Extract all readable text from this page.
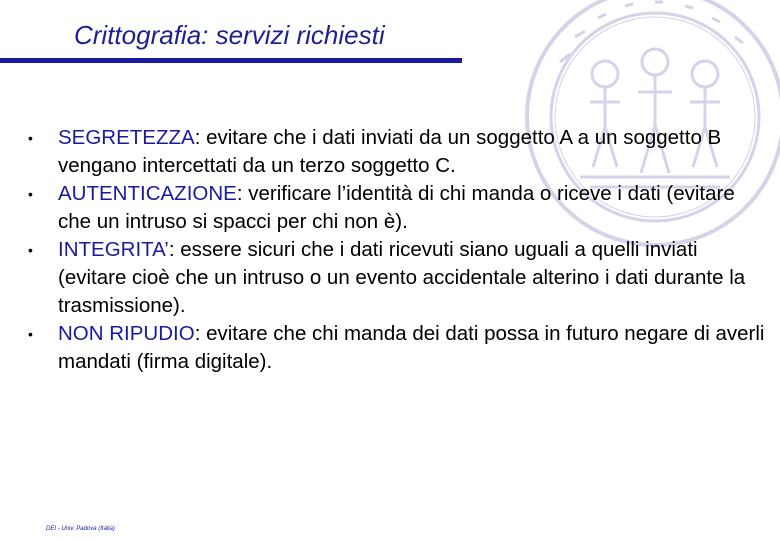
Crittografia: servizi richiesti
• SEGRETEZZA: evitare che i dati inviati da un soggetto A a un soggetto B vengano intercettati da un terzo soggetto C.
• AUTENTICAZIONE: verificare l’identità di chi manda o riceve i dati (evitare che un intruso si spacci per chi non è).
• INTEGRITA’: essere sicuri che i dati ricevuti siano uguali a quelli inviati (evitare cioè che un intruso o un evento accidentale alterino i dati durante la trasmissione).
• NON RIPUDIO: evitare che chi manda dei dati possa in futuro negare di averli mandati (firma digitale).
DEI - Univ. Padova (Italia)
